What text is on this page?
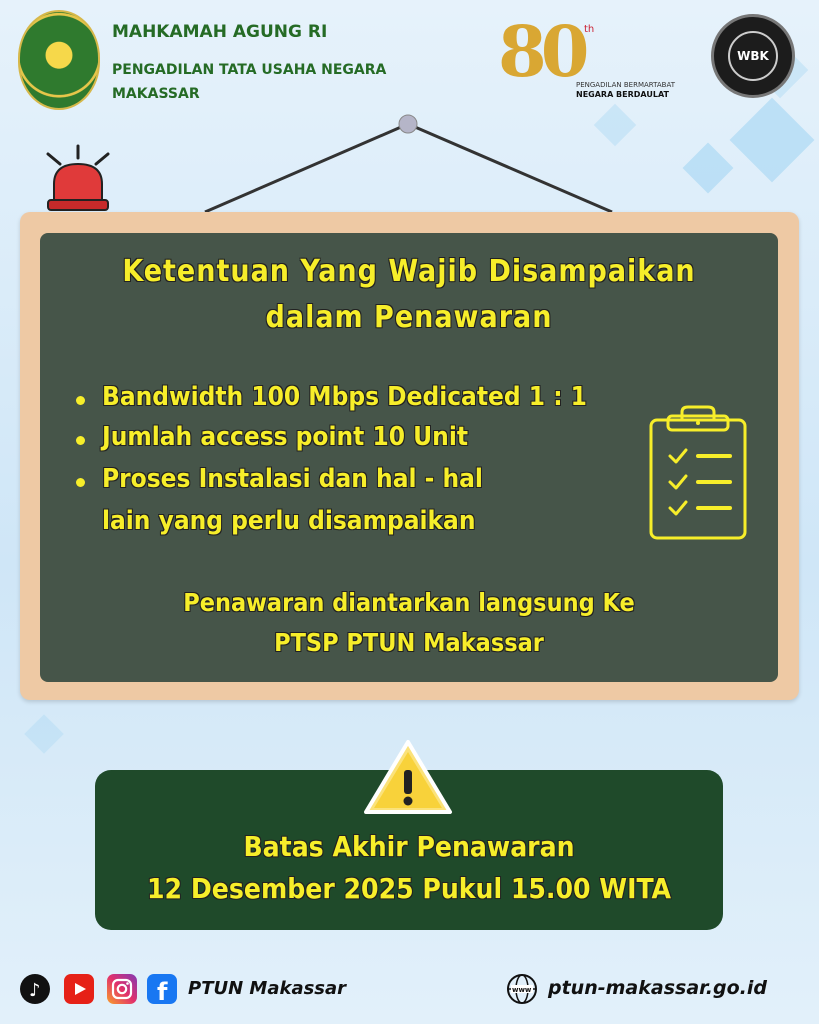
MAHKAMAH AGUNG RI
PENGADILAN TATA USAHA NEGARA
MAKASSAR
80 th
PENGADILAN BERMARTABAT
NEGARA BERDAULAT
WBK
Ketentuan Yang Wajib Disampaikan
dalam Penawaran
Bandwidth 100 Mbps Dedicated 1 : 1
Jumlah access point 10 Unit
Proses Instalasi dan hal - hal
lain yang perlu disampaikan
Penawaran diantarkan langsung Ke
PTSP PTUN Makassar
Batas Akhir Penawaran
12 Desember 2025 Pukul 15.00 WITA
♪	f PTUN Makassar	www ptun-makassar.go.id
